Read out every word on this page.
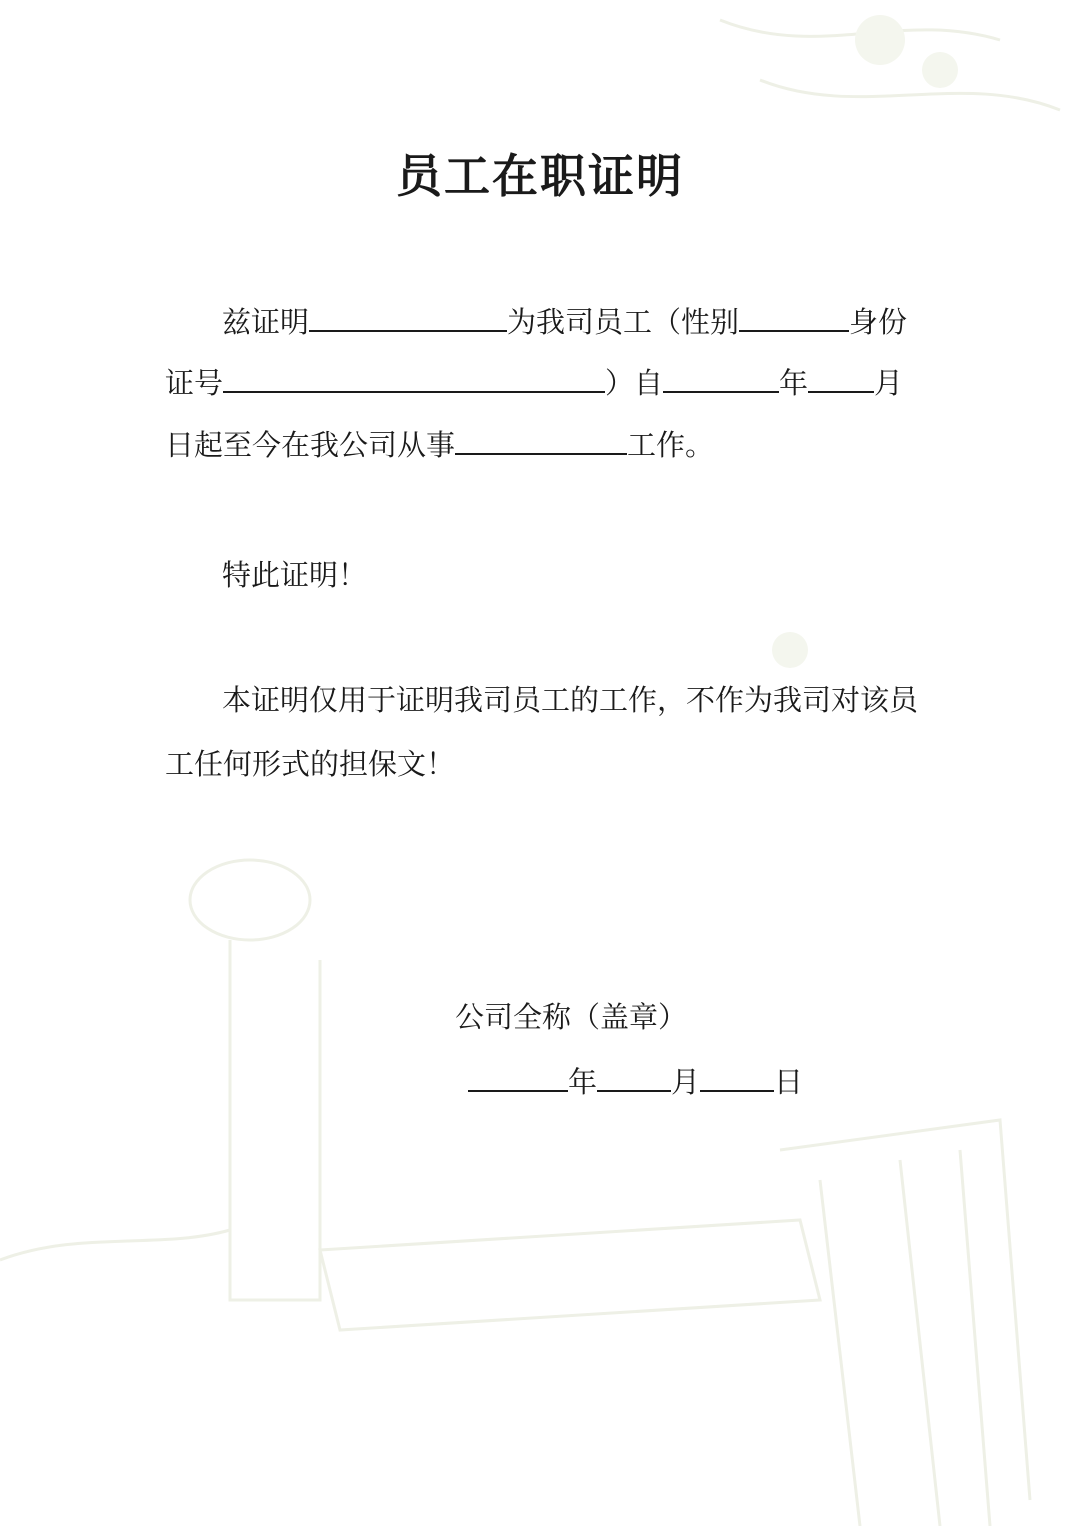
员工在职证明
兹证明	为我司员工（性别	身份
证号	）自	年 月
日起至今在我公司从事	工作。
特此证明！
本证明仅用于证明我司员工的工作，不作为我司对该员
工任何形式的担保文！
公司全称（盖章）
年	月	日
